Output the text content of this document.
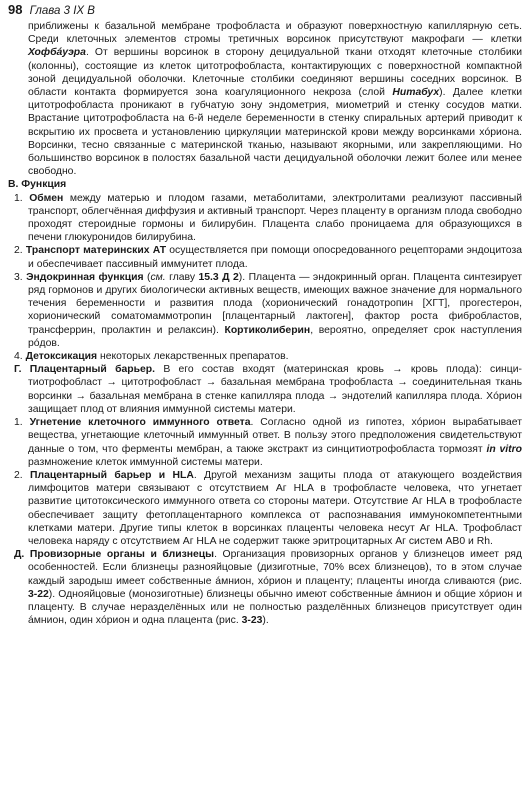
98 Глава 3 IX В

приближены к базальной мембране трофобласта и образуют поверхностную капиллярную сеть. Среди клеточных элементов стромы третичных ворсинок присутствуют макрофаги — клетки Хофбáуэра. От вершины ворсинок в сторону децидуальной ткани отходят клеточные столбики (колонны), состоящие из клеток цитотрофобласта, контактирующих с поверхностной компактной зоной децидуальной оболочки. Клеточные столбики соединяют вершины соседних ворсинок. В области контакта формируется зона коагуляционного некроза (слой Нитабух). Далее клетки цитотрофобласта проникают в губчатую зону эндометрия, миометрий и стенку сосудов матки. Врастание цитотрофобласта на 6-й неделе беременности в стенку спиральных артерий приводит к вскрытию их просвета и установлению циркуляции материнской крови между ворсинками хóриона. Ворсинки, тесно связанные с материнской тканью, называют якорными, или закрепляющими. Но большинство ворсинок в полостях базальной части децидуальной оболочки лежит более или менее свободно.

В. Функция

1. Обмен между матерью и плодом газами, метаболитами, электролитами реализуют пассивный транспорт, облегчённая диффузия и активный транспорт. Через плаценту в организм плода свободно проходят стероидные гормоны и билирубин. Плацента слабо проницаема для образующихся в печени глюкуронидов билирубина.

2. Транспорт материнских АТ осуществляется при помощи опосредованного рецепторами эндоцитоза и обеспечивает пассивный иммунитет плода.

3. Эндокринная функция (см. главу 15.3 Д 2). Плацента — эндокринный орган. Плацента синтезирует ряд гормонов и других биологически активных веществ, имеющих важное значение для нормального течения беременности и развития плода (хорионический гонадотропин [ХГТ], прогестерон, хорионический соматомаммотропин [плацентарный лактоген], фактор роста фибробластов, трансферрин, пролактин и релаксин). Кортиколиберин, вероятно, определяет срок наступления рóдов.

4. Детоксикация некоторых лекарственных препаратов.

Г. Плацентарный барьер. В его состав входят (материнская кровь → кровь плода): синцитиотрофобласт → цитотрофобласт → базальная мембрана трофобласта → соединительная ткань ворсинки → базальная мембрана в стенке капилляра плода → эндотелий капилляра плода. Хóрион защищает плод от влияния иммунной системы матери.

1. Угнетение клеточного иммунного ответа. Согласно одной из гипотез, хóрион вырабатывает вещества, угнетающие клеточный иммунный ответ. В пользу этого предположения свидетельствуют данные о том, что ферменты мембран, а также экстракт из синцитиотрофобласта тормозят in vitro размножение клеток иммунной системы матери.

2. Плацентарный барьер и HLA. Другой механизм защиты плода от атакующего воздействия лимфоцитов матери связывают с отсутствием Аг HLA в трофобласте человека, что угнетает развитие цитотоксического иммунного ответа со стороны матери. Отсутствие Аг HLA в трофобласте обеспечивает защиту фетоплацентарного комплекса от распознавания иммунокомпетентными клетками матери. Другие типы клеток в ворсинках плаценты человека несут Аг HLA. Трофобласт человека наряду с отсутствием Аг HLA не содержит также эритроцитарных Аг систем АВ0 и Rh.

Д. Провизорные органы и близнецы. Организация провизорных органов у близнецов имеет ряд особенностей. Если близнецы разнояйцовые (дизиготные, 70% всех близнецов), то в этом случае каждый зародыш имеет собственные áмнион, хóрион и плаценту; плаценты иногда сливаются (рис. 3-22). Однояйцовые (монозиготные) близнецы обычно имеют собственные áмнион и общие хóрион и плаценту. В случае неразделённых или не полностью разделённых близнецов присутствует один áмнион, один хóрион и одна плацента (рис. 3-23).
